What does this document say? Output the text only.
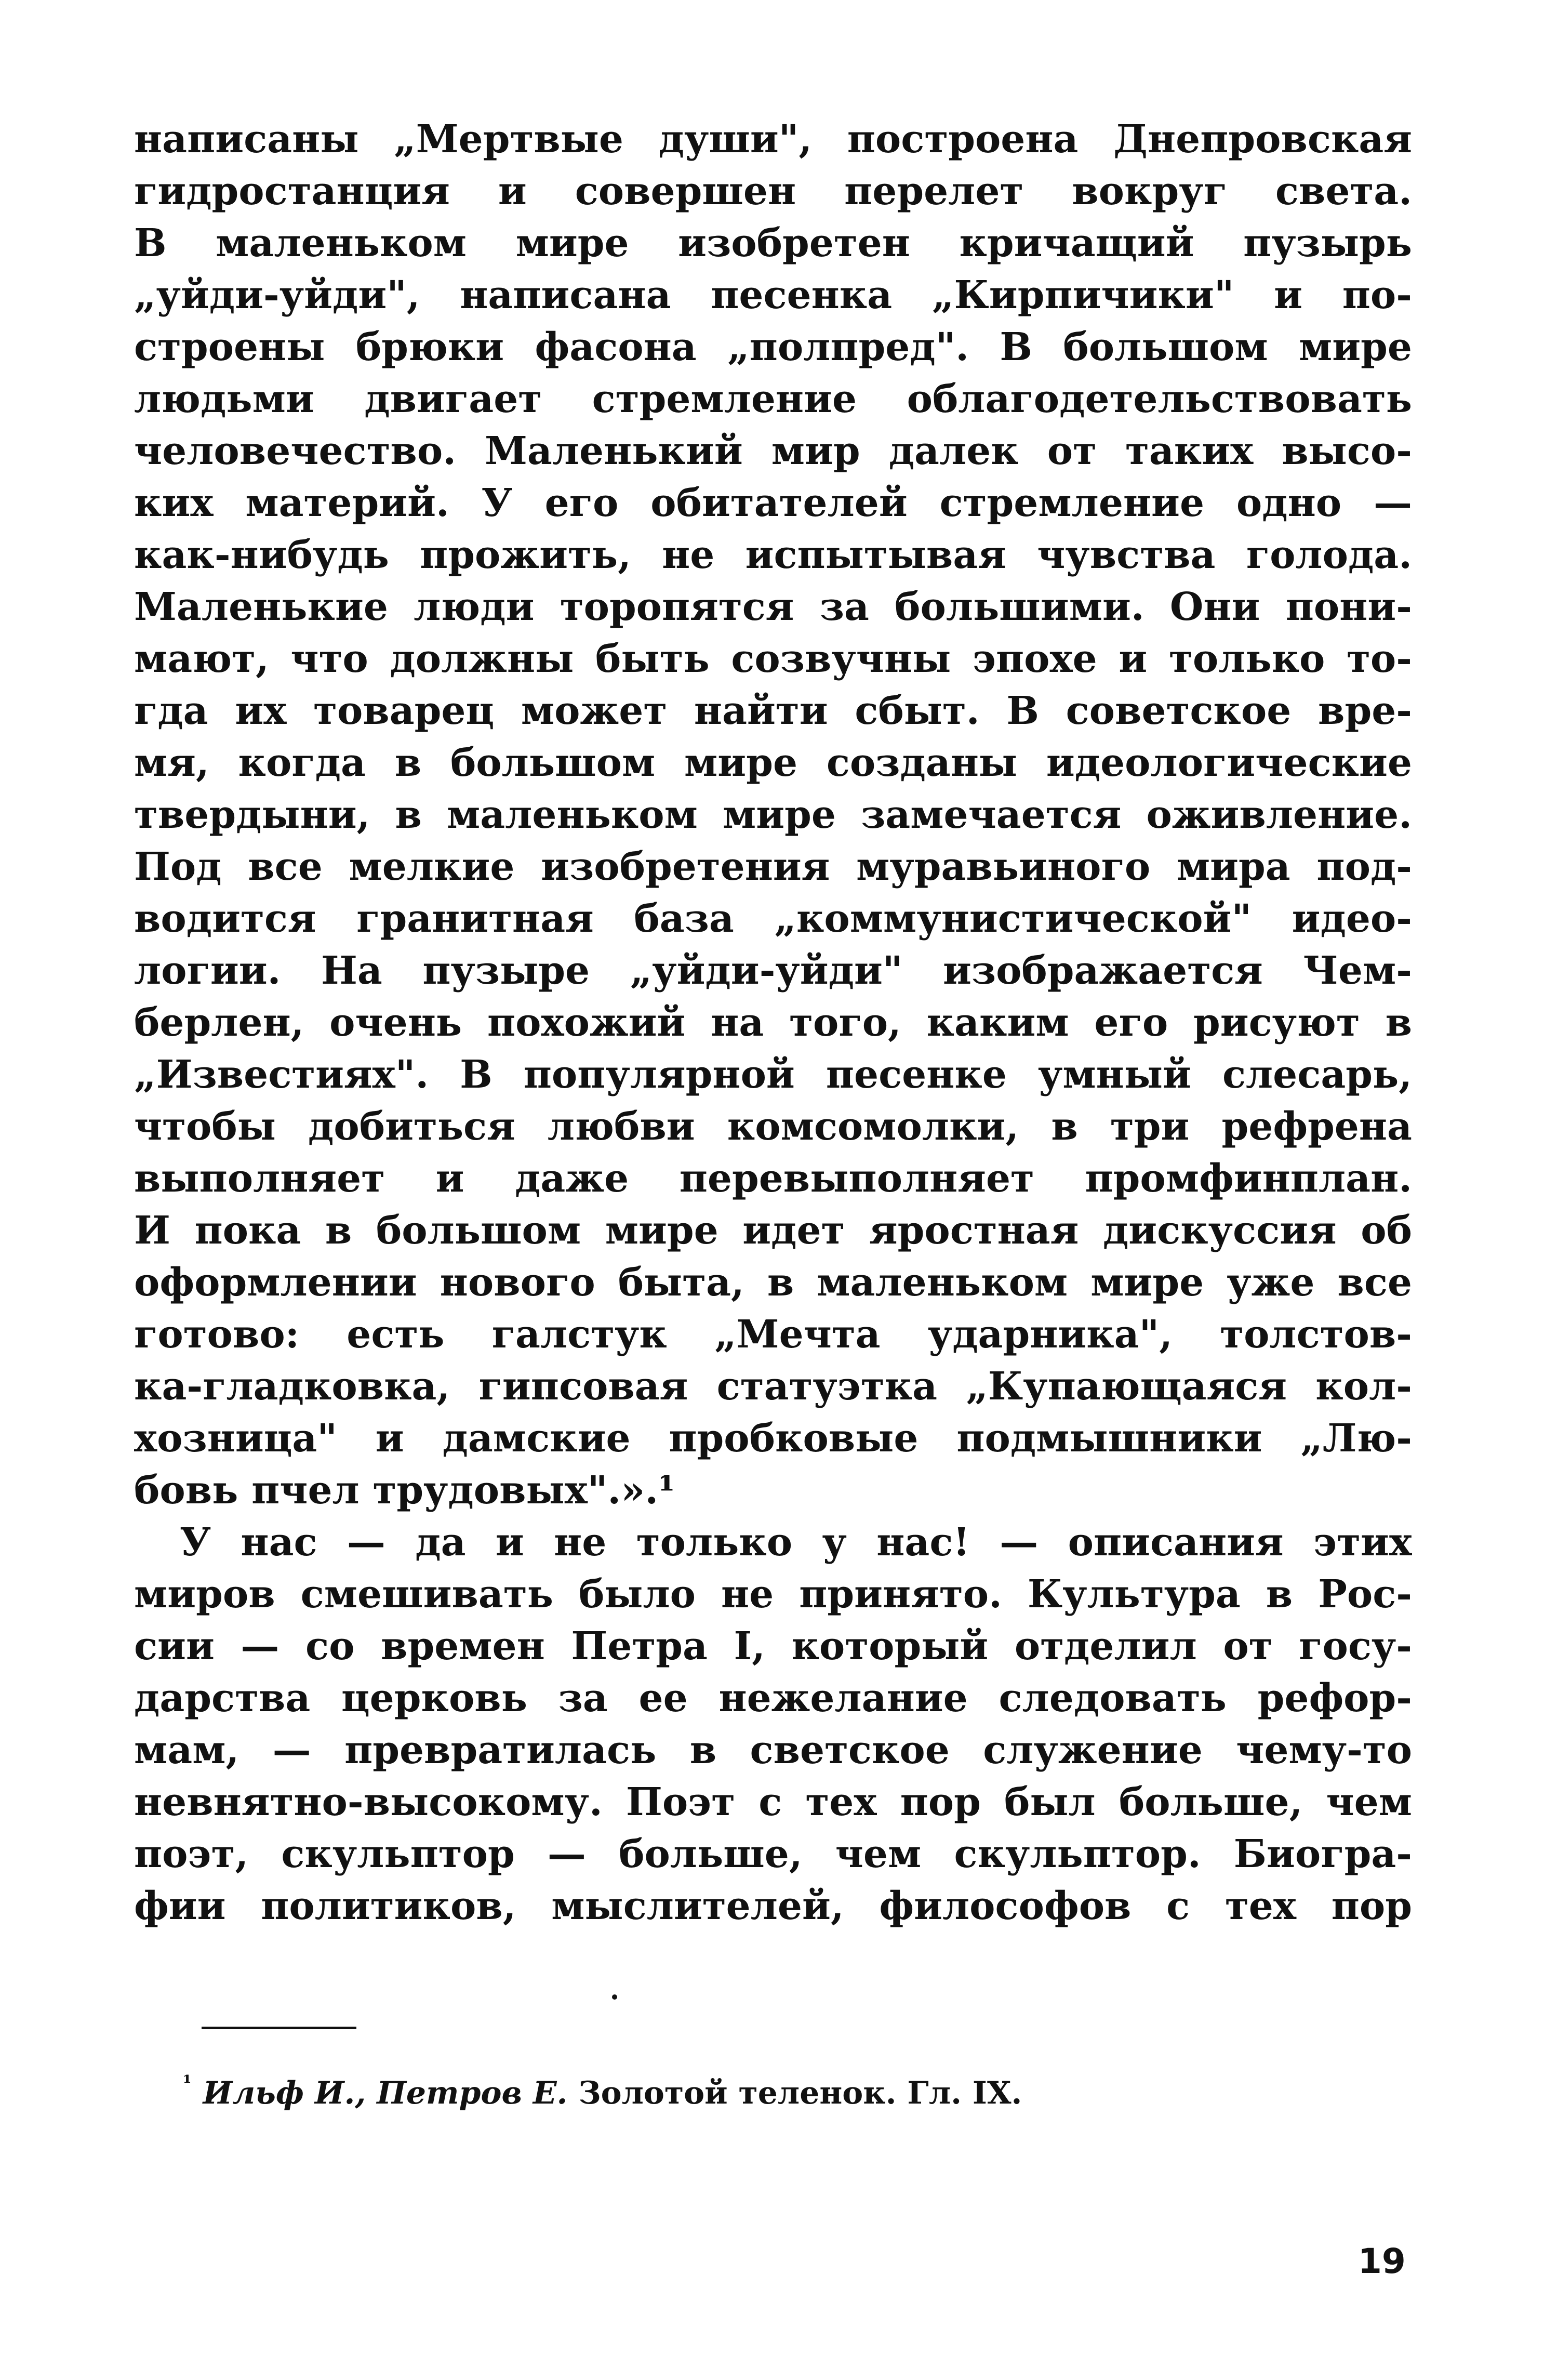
написаны „Мертвые души", построена Днепровская
гидростанция и совершен перелет вокруг света.
В маленьком мире изобретен кричащий пузырь
„уйди-уйди", написана песенка „Кирпичики" и по-
строены брюки фасона „полпред". В большом мире
людьми двигает стремление облагодетельствовать
человечество. Маленький мир далек от таких высо-
ких материй. У его обитателей стремление одно —
как-нибудь прожить, не испытывая чувства голода.
Маленькие люди торопятся за большими. Они пони-
мают, что должны быть созвучны эпохе и только то-
гда их товарец может найти сбыт. В советское вре-
мя, когда в большом мире созданы идеологические
твердыни, в маленьком мире замечается оживление.
Под все мелкие изобретения муравьиного мира под-
водится гранитная база „коммунистической" идео-
логии. На пузыре „уйди-уйди" изображается Чем-
берлен, очень похожий на того, каким его рисуют в
„Известиях". В популярной песенке умный слесарь,
чтобы добиться любви комсомолки, в три рефрена
выполняет и даже перевыполняет промфинплан.
И пока в большом мире идет яростная дискуссия об
оформлении нового быта, в маленьком мире уже все
готово: есть галстук „Мечта ударника", толстов-
ка-гладковка, гипсовая статуэтка „Купающаяся кол-
хозница" и дамские пробковые подмышники „Лю-
бовь пчел трудовых".».¹
У нас — да и не только у нас! — описания этих
миров смешивать было не принято. Культура в Рос-
сии — со времен Петра I, который отделил от госу-
дарства церковь за ее нежелание следовать рефор-
мам, — превратилась в светское служение чему-то
невнятно-высокому. Поэт с тех пор был больше, чем
поэт, скульптор — больше, чем скульптор. Биогра-
фии политиков, мыслителей, философов с тех пор
$^{^1}$ Ильф И., Петров Е. Золотой теленок. Гл. IX.
19
